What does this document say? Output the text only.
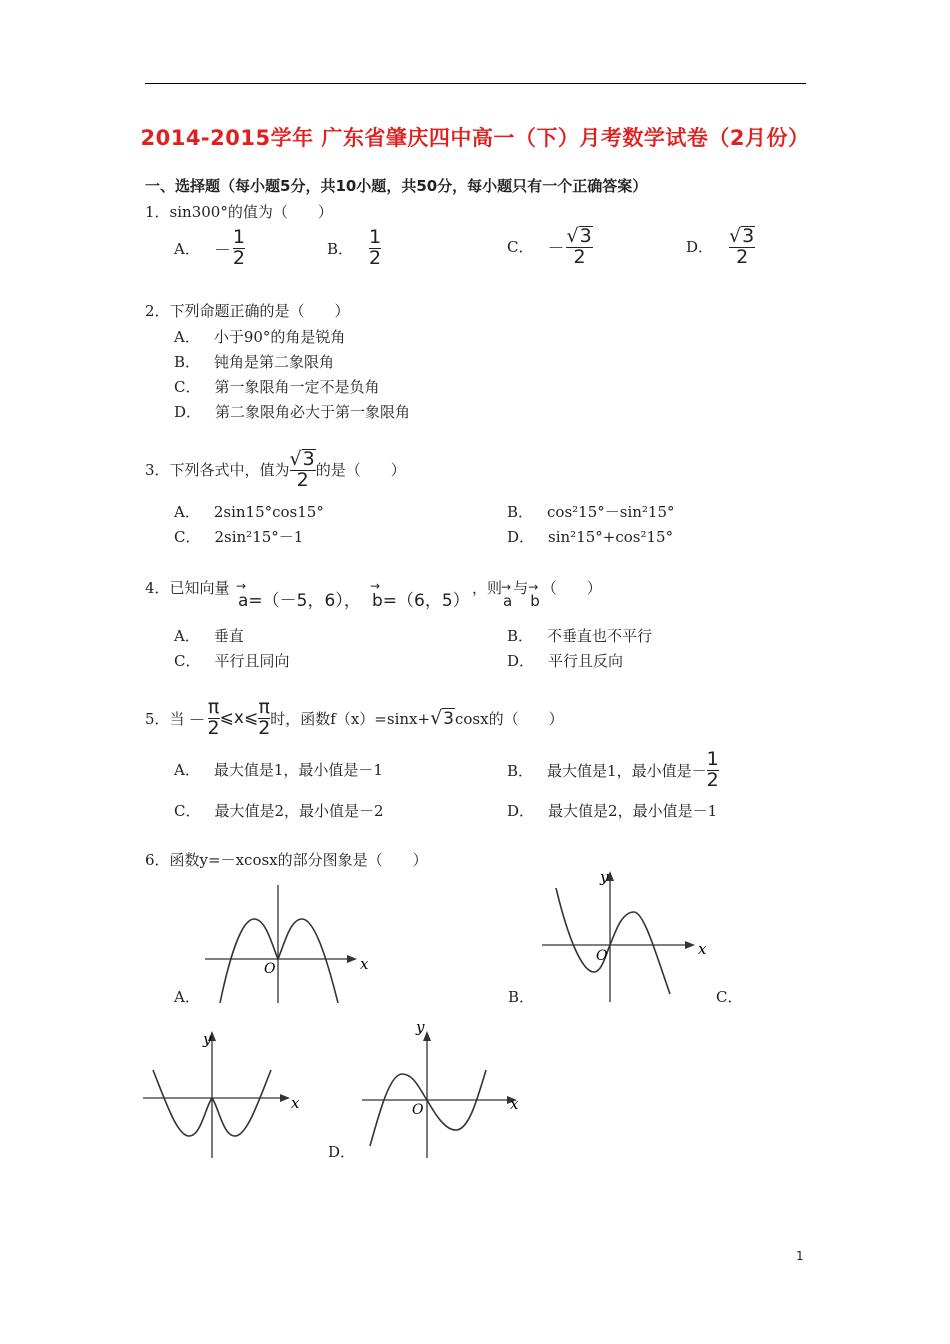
2014-2015学年 广东省肇庆四中高一（下）月考数学试卷（2月份）
一、选择题（每小题5分，共10小题，共50分，每小题只有一个正确答案）
1．sin300°的值为（　　）
A． － $\frac{1}{2}$	B． $\frac{1}{2}$	C． － $\frac{√ 3}{2}$	D． $\frac{√ 3}{2}$
2．下列命题正确的是（　　）
A． 小于90°的角是锐角
B． 钝角是第二象限角
C． 第一象限角一定不是负角
D． 第二象限角必大于第一象限角
3．下列各式中，值为 $\frac{√ 3}{2}$ 的是（　　）
A． 2sin15°cos15°	B． cos²15°－sin²15°
C． 2sin²15°－1	D． sin²15°+cos²15°
4．已知向量 →
a=（－5，6），
→
b=（6，5）
，则 →
a
与 →
b
（　　）
A． 垂直	B． 不垂直也不平行
C． 平行且同向	D． 平行且反向
5．当 － $\frac{\pi}{2}$ ⩽x⩽ $\frac{\pi}{2}$ 时，函数f（x）=sinx+ √ 3 cosx的（　　）
A． 最大值是1，最小值是－1	B． 最大值是1，最小值是－ $\frac{1}{2}$
C． 最大值是2，最小值是－2	D． 最大值是2，最小值是－1
6．函数y=－xcosx的部分图象是（　　）
O	x
A．
O	x
y
B．	C．
x
y
O	x
y
D．
1
